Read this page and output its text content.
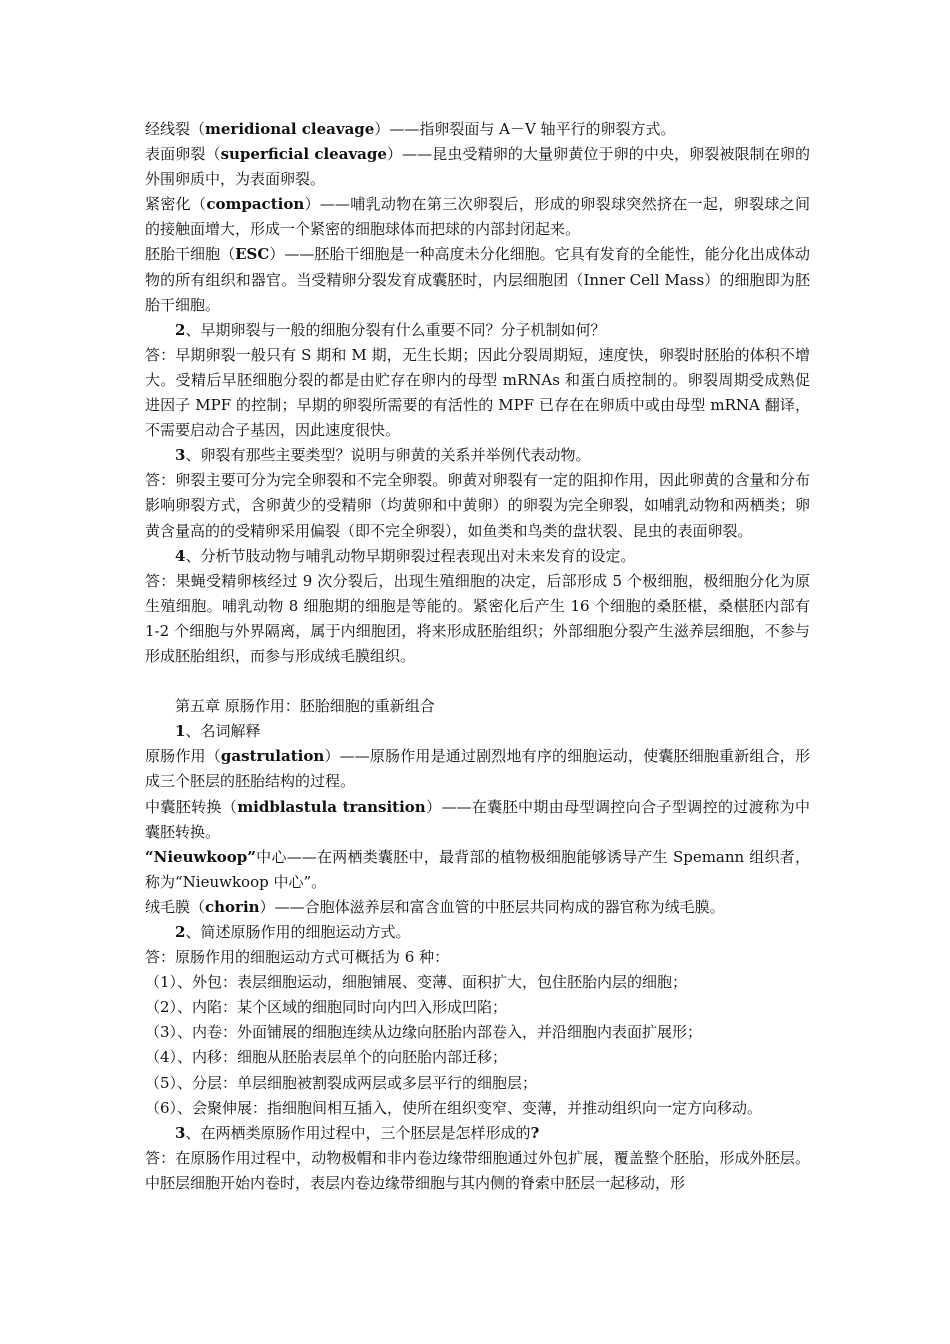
经线裂（meridional cleavage）——指卵裂面与 A－V 轴平行的卵裂方式。

表面卵裂（superficial cleavage）——昆虫受精卵的大量卵黄位于卵的中央，卵裂被限制在卵的外围卵质中，为表面卵裂。

紧密化（compaction）——哺乳动物在第三次卵裂后，形成的卵裂球突然挤在一起，卵裂球之间的接触面增大，形成一个紧密的细胞球体而把球的内部封闭起来。

胚胎干细胞（ESC）——胚胎干细胞是一种高度未分化细胞。它具有发育的全能性，能分化出成体动物的所有组织和器官。当受精卵分裂发育成囊胚时，内层细胞团（Inner Cell Mass）的细胞即为胚胎干细胞。

2、早期卵裂与一般的细胞分裂有什么重要不同？分子机制如何？

答：早期卵裂一般只有 S 期和 M 期，无生长期；因此分裂周期短，速度快，卵裂时胚胎的体积不增大。受精后早胚细胞分裂的都是由贮存在卵内的母型 mRNAs 和蛋白质控制的。卵裂周期受成熟促进因子 MPF 的控制；早期的卵裂所需要的有活性的 MPF 已存在在卵质中或由母型 mRNA 翻译，不需要启动合子基因，因此速度很快。

3、卵裂有那些主要类型？说明与卵黄的关系并举例代表动物。

答：卵裂主要可分为完全卵裂和不完全卵裂。卵黄对卵裂有一定的阻抑作用，因此卵黄的含量和分布影响卵裂方式，含卵黄少的受精卵（均黄卵和中黄卵）的卵裂为完全卵裂，如哺乳动物和两栖类；卵黄含量高的的受精卵采用偏裂（即不完全卵裂），如鱼类和鸟类的盘状裂、昆虫的表面卵裂。

4、分析节肢动物与哺乳动物早期卵裂过程表现出对未来发育的设定。

答：果蝇受精卵核经过 9 次分裂后，出现生殖细胞的决定，后部形成 5 个极细胞，极细胞分化为原生殖细胞。哺乳动物 8 细胞期的细胞是等能的。紧密化后产生 16 个细胞的桑胚椹，桑椹胚内部有 1-2 个细胞与外界隔离，属于内细胞团，将来形成胚胎组织；外部细胞分裂产生滋养层细胞，不参与形成胚胎组织，而参与形成绒毛膜组织。

第五章 原肠作用：胚胎细胞的重新组合

1、名词解释

原肠作用（gastrulation）——原肠作用是通过剧烈地有序的细胞运动，使囊胚细胞重新组合，形成三个胚层的胚胎结构的过程。

中囊胚转换（midblastula transition）——在囊胚中期由母型调控向合子型调控的过渡称为中囊胚转换。

“Nieuwkoop”中心——在两栖类囊胚中，最背部的植物极细胞能够诱导产生 Spemann 组织者，称为“Nieuwkoop 中心”。

绒毛膜（chorin）——合胞体滋养层和富含血管的中胚层共同构成的器官称为绒毛膜。

2、简述原肠作用的细胞运动方式。

答：原肠作用的细胞运动方式可概括为 6 种：

（1）、外包：表层细胞运动，细胞铺展、变薄、面积扩大，包住胚胎内层的细胞；

（2）、内陷：某个区域的细胞同时向内凹入形成凹陷；

（3）、内卷：外面铺展的细胞连续从边缘向胚胎内部卷入，并沿细胞内表面扩展形；

（4）、内移：细胞从胚胎表层单个的向胚胎内部迁移；

（5）、分层：单层细胞被割裂成两层或多层平行的细胞层；

（6）、会聚伸展：指细胞间相互插入，使所在组织变窄、变薄，并推动组织向一定方向移动。

3、在两栖类原肠作用过程中，三个胚层是怎样形成的?

答：在原肠作用过程中，动物极帽和非内卷边缘带细胞通过外包扩展，覆盖整个胚胎，形成外胚层。中胚层细胞开始内卷时，表层内卷边缘带细胞与其内侧的脊索中胚层一起移动，形
